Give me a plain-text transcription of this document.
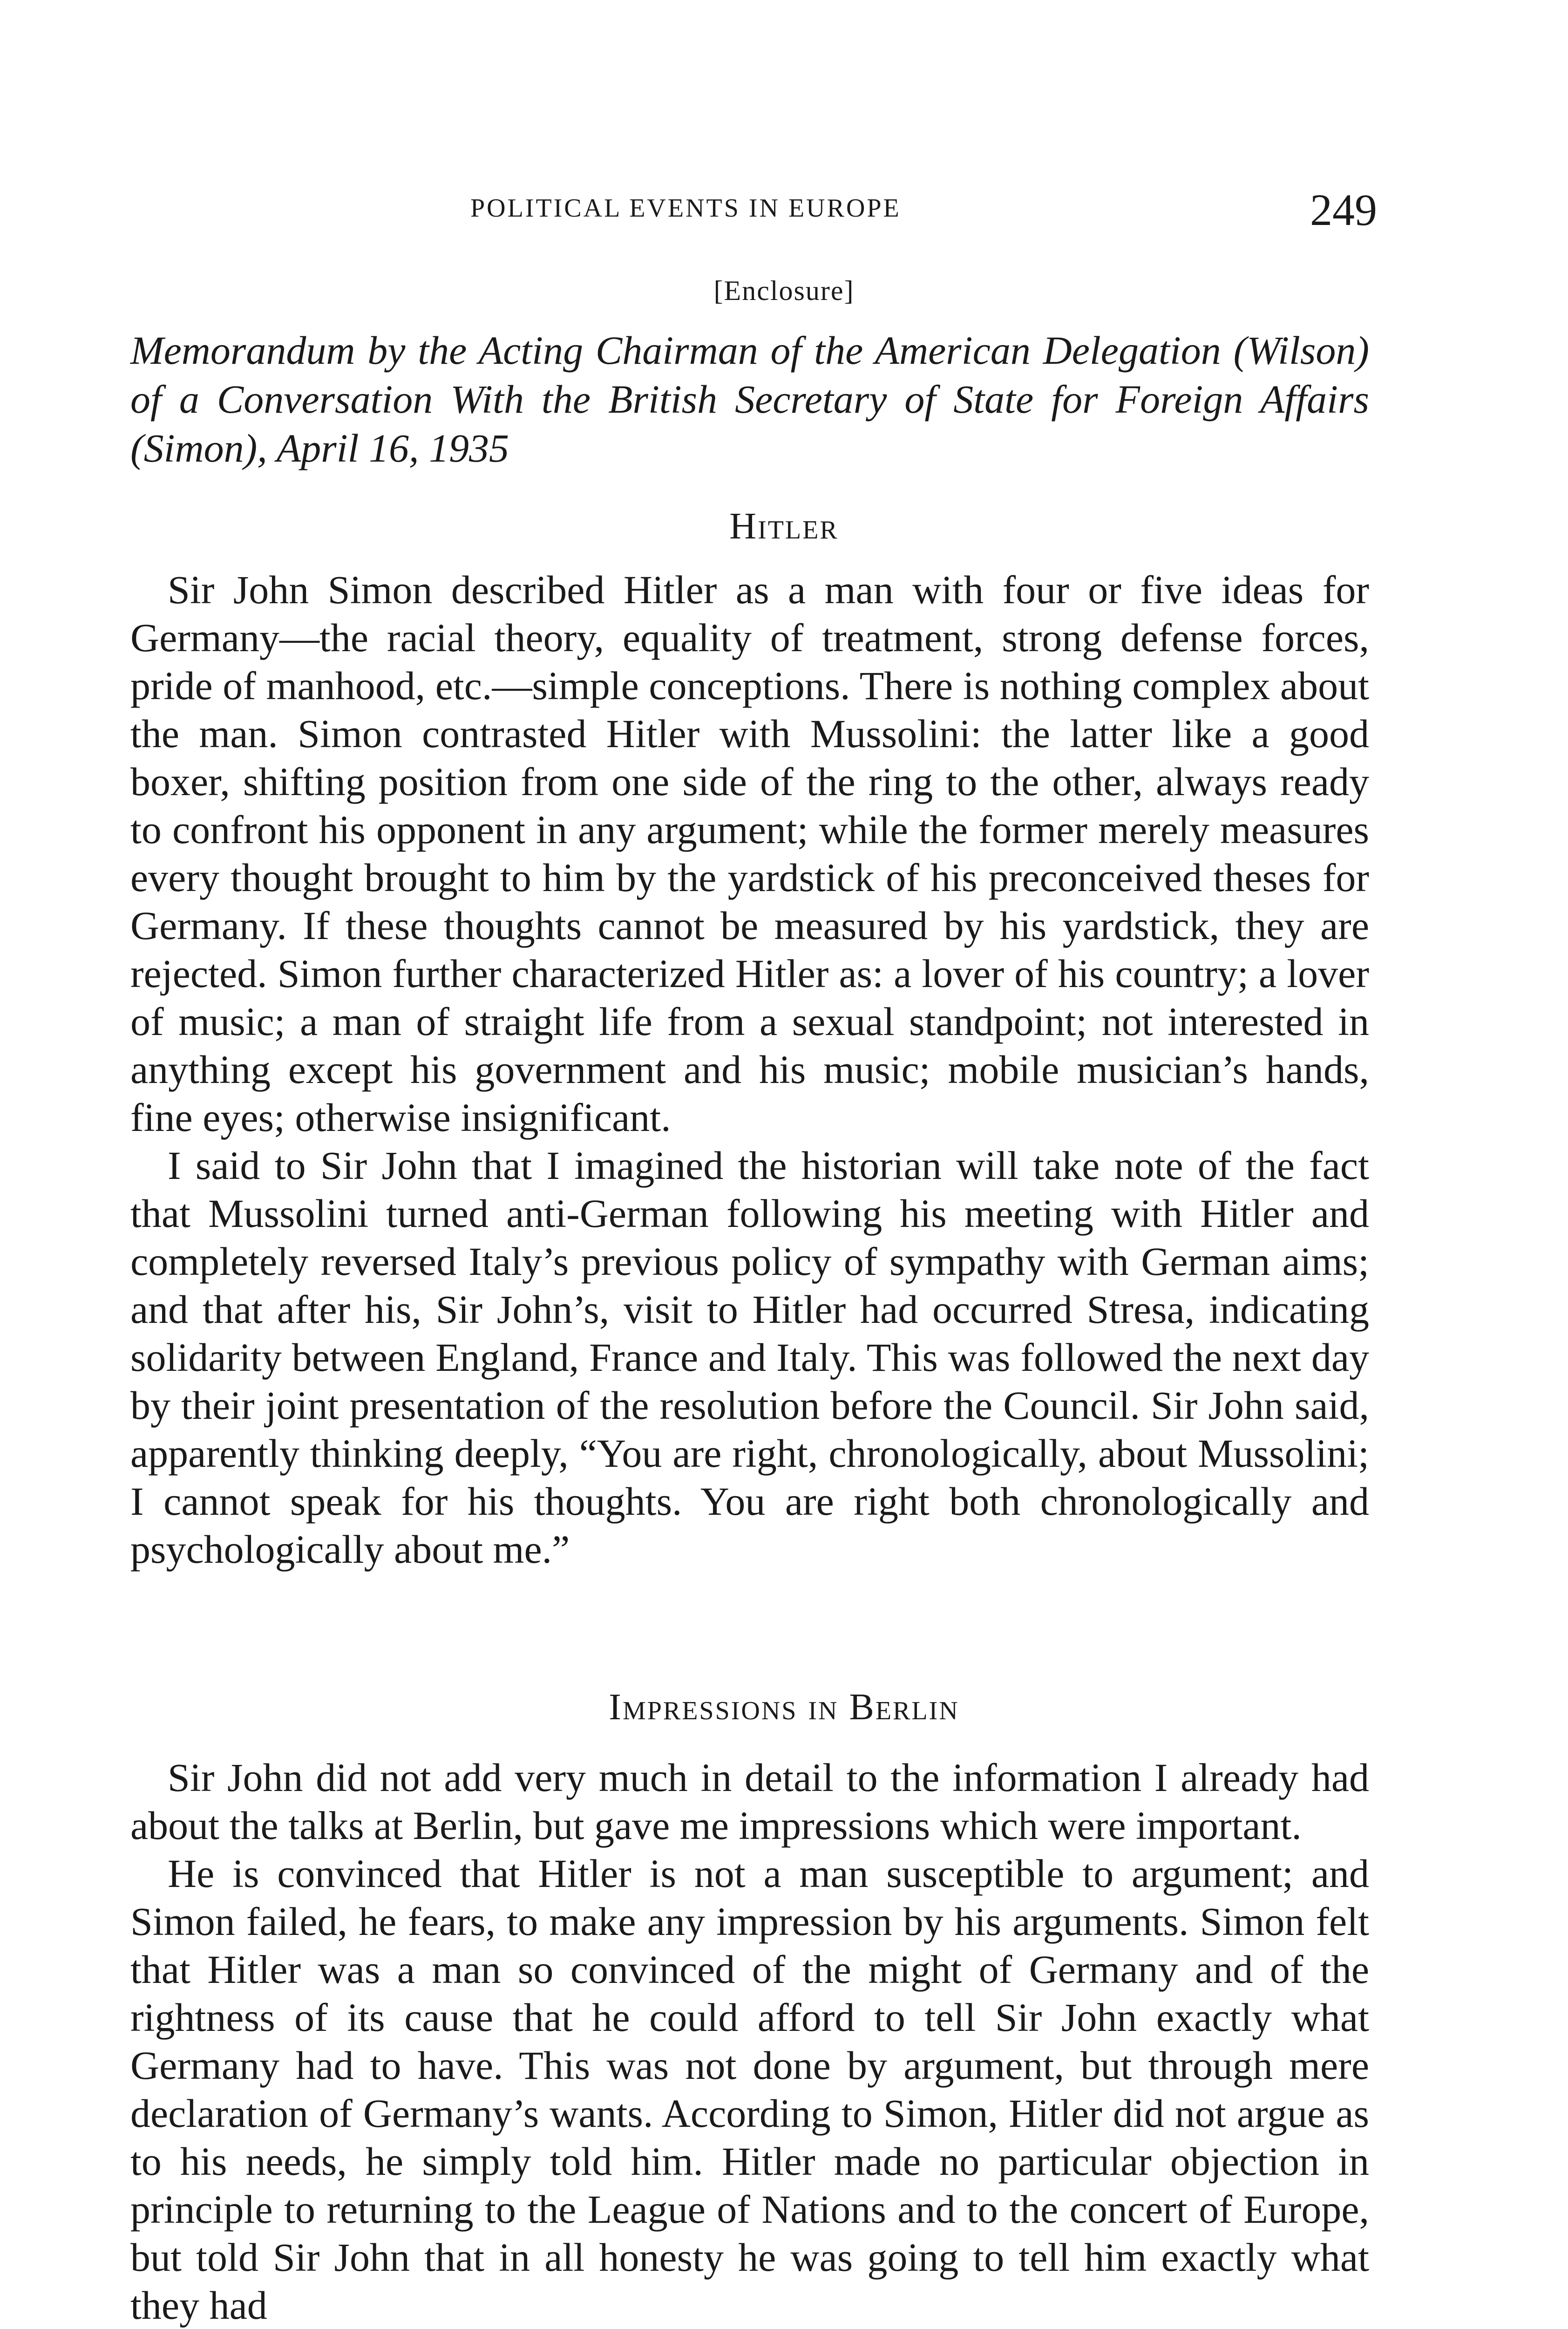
POLITICAL EVENTS IN EUROPE	249
[Enclosure]
Memorandum by the Acting Chairman of the American Delegation (Wilson) of a Conversation With the British Secretary of State for Foreign Affairs (Simon), April 16, 1935
Hitler

Sir John Simon described Hitler as a man with four or five ideas for Germany—the racial theory, equality of treatment, strong defense forces, pride of manhood, etc.—simple conceptions. There is nothing complex about the man. Simon contrasted Hitler with Mussolini: the latter like a good boxer, shifting position from one side of the ring to the other, always ready to confront his opponent in any argument; while the former merely measures every thought brought to him by the yardstick of his preconceived theses for Germany. If these thoughts cannot be measured by his yardstick, they are rejected. Simon further characterized Hitler as: a lover of his country; a lover of music; a man of straight life from a sexual standpoint; not interested in anything except his government and his music; mobile musician’s hands, fine eyes; otherwise insignificant.

I said to Sir John that I imagined the historian will take note of the fact that Mussolini turned anti-German following his meeting with Hitler and completely reversed Italy’s previous policy of sympathy with German aims; and that after his, Sir John’s, visit to Hitler had occurred Stresa, indicating solidarity between England, France and Italy. This was followed the next day by their joint presentation of the resolution before the Council. Sir John said, apparently thinking deeply, “You are right, chronologically, about Mussolini; I cannot speak for his thoughts. You are right both chronologically and psychologically about me.”

Impressions in Berlin

Sir John did not add very much in detail to the information I already had about the talks at Berlin, but gave me impressions which were important.

He is convinced that Hitler is not a man susceptible to argument; and Simon failed, he fears, to make any impression by his arguments. Simon felt that Hitler was a man so convinced of the might of Germany and of the rightness of its cause that he could afford to tell Sir John exactly what Germany had to have. This was not done by argument, but through mere declaration of Germany’s wants. According to Simon, Hitler did not argue as to his needs, he simply told him. Hitler made no particular objection in principle to returning to the League of Nations and to the concert of Europe, but told Sir John that in all honesty he was going to tell him exactly what they had
